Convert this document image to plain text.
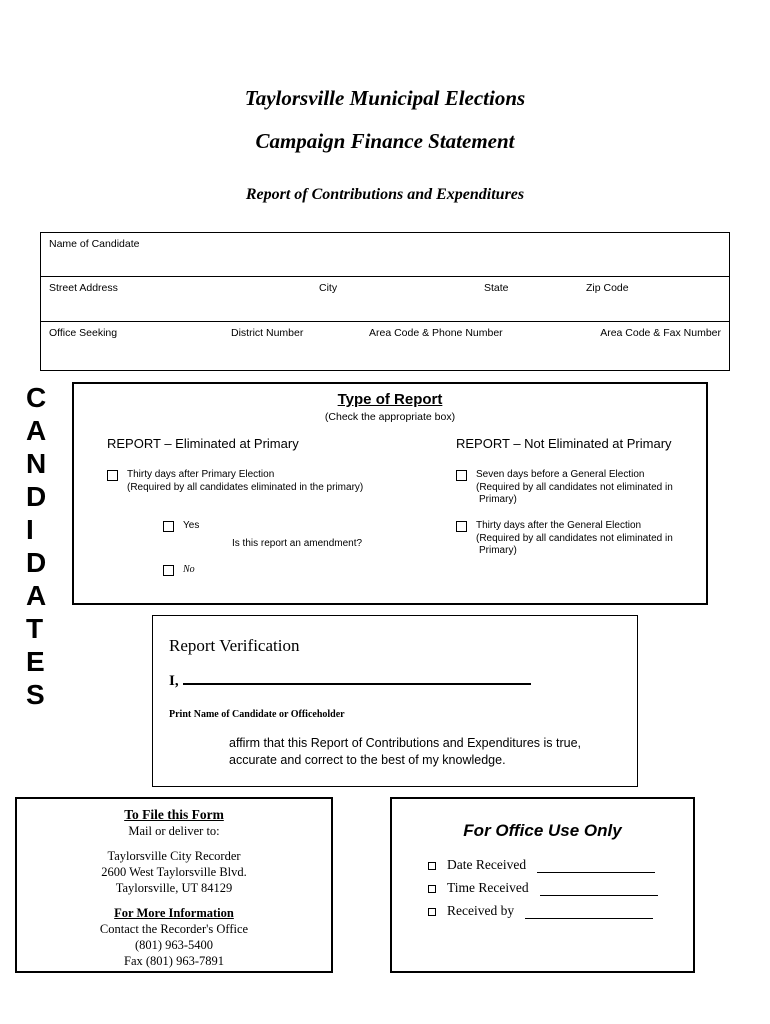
Taylorsville Municipal Elections
Campaign Finance Statement
Report of Contributions and Expenditures
Name of Candidate
Street Address	City	State	Zip Code
Office Seeking	District Number	Area Code & Phone Number	Area Code & Fax Number
C
A
N
D
I
D
A
T
E
S
Type of Report
(Check the appropriate box)
REPORT – Eliminated at Primary
Thirty days after Primary Election
(Required by all candidates eliminated in the primary)
Yes
Is this report an amendment?
No
REPORT – Not Eliminated at Primary
Seven days before a General Election
(Required by all candidates not eliminated in
Primary)
Thirty days after the General Election
(Required by all candidates not eliminated in
Primary)
Report Verification
I,
Print Name of Candidate or Officeholder
affirm that this Report of Contributions and Expenditures is true,
accurate and correct to the best of my knowledge.
To File this Form
Mail or deliver to:
Taylorsville City Recorder
2600 West Taylorsville Blvd.
Taylorsville, UT 84129
For More Information
Contact the Recorder's Office
(801) 963-5400
Fax (801) 963-7891
For Office Use Only
Date Received
Time Received
Received by
